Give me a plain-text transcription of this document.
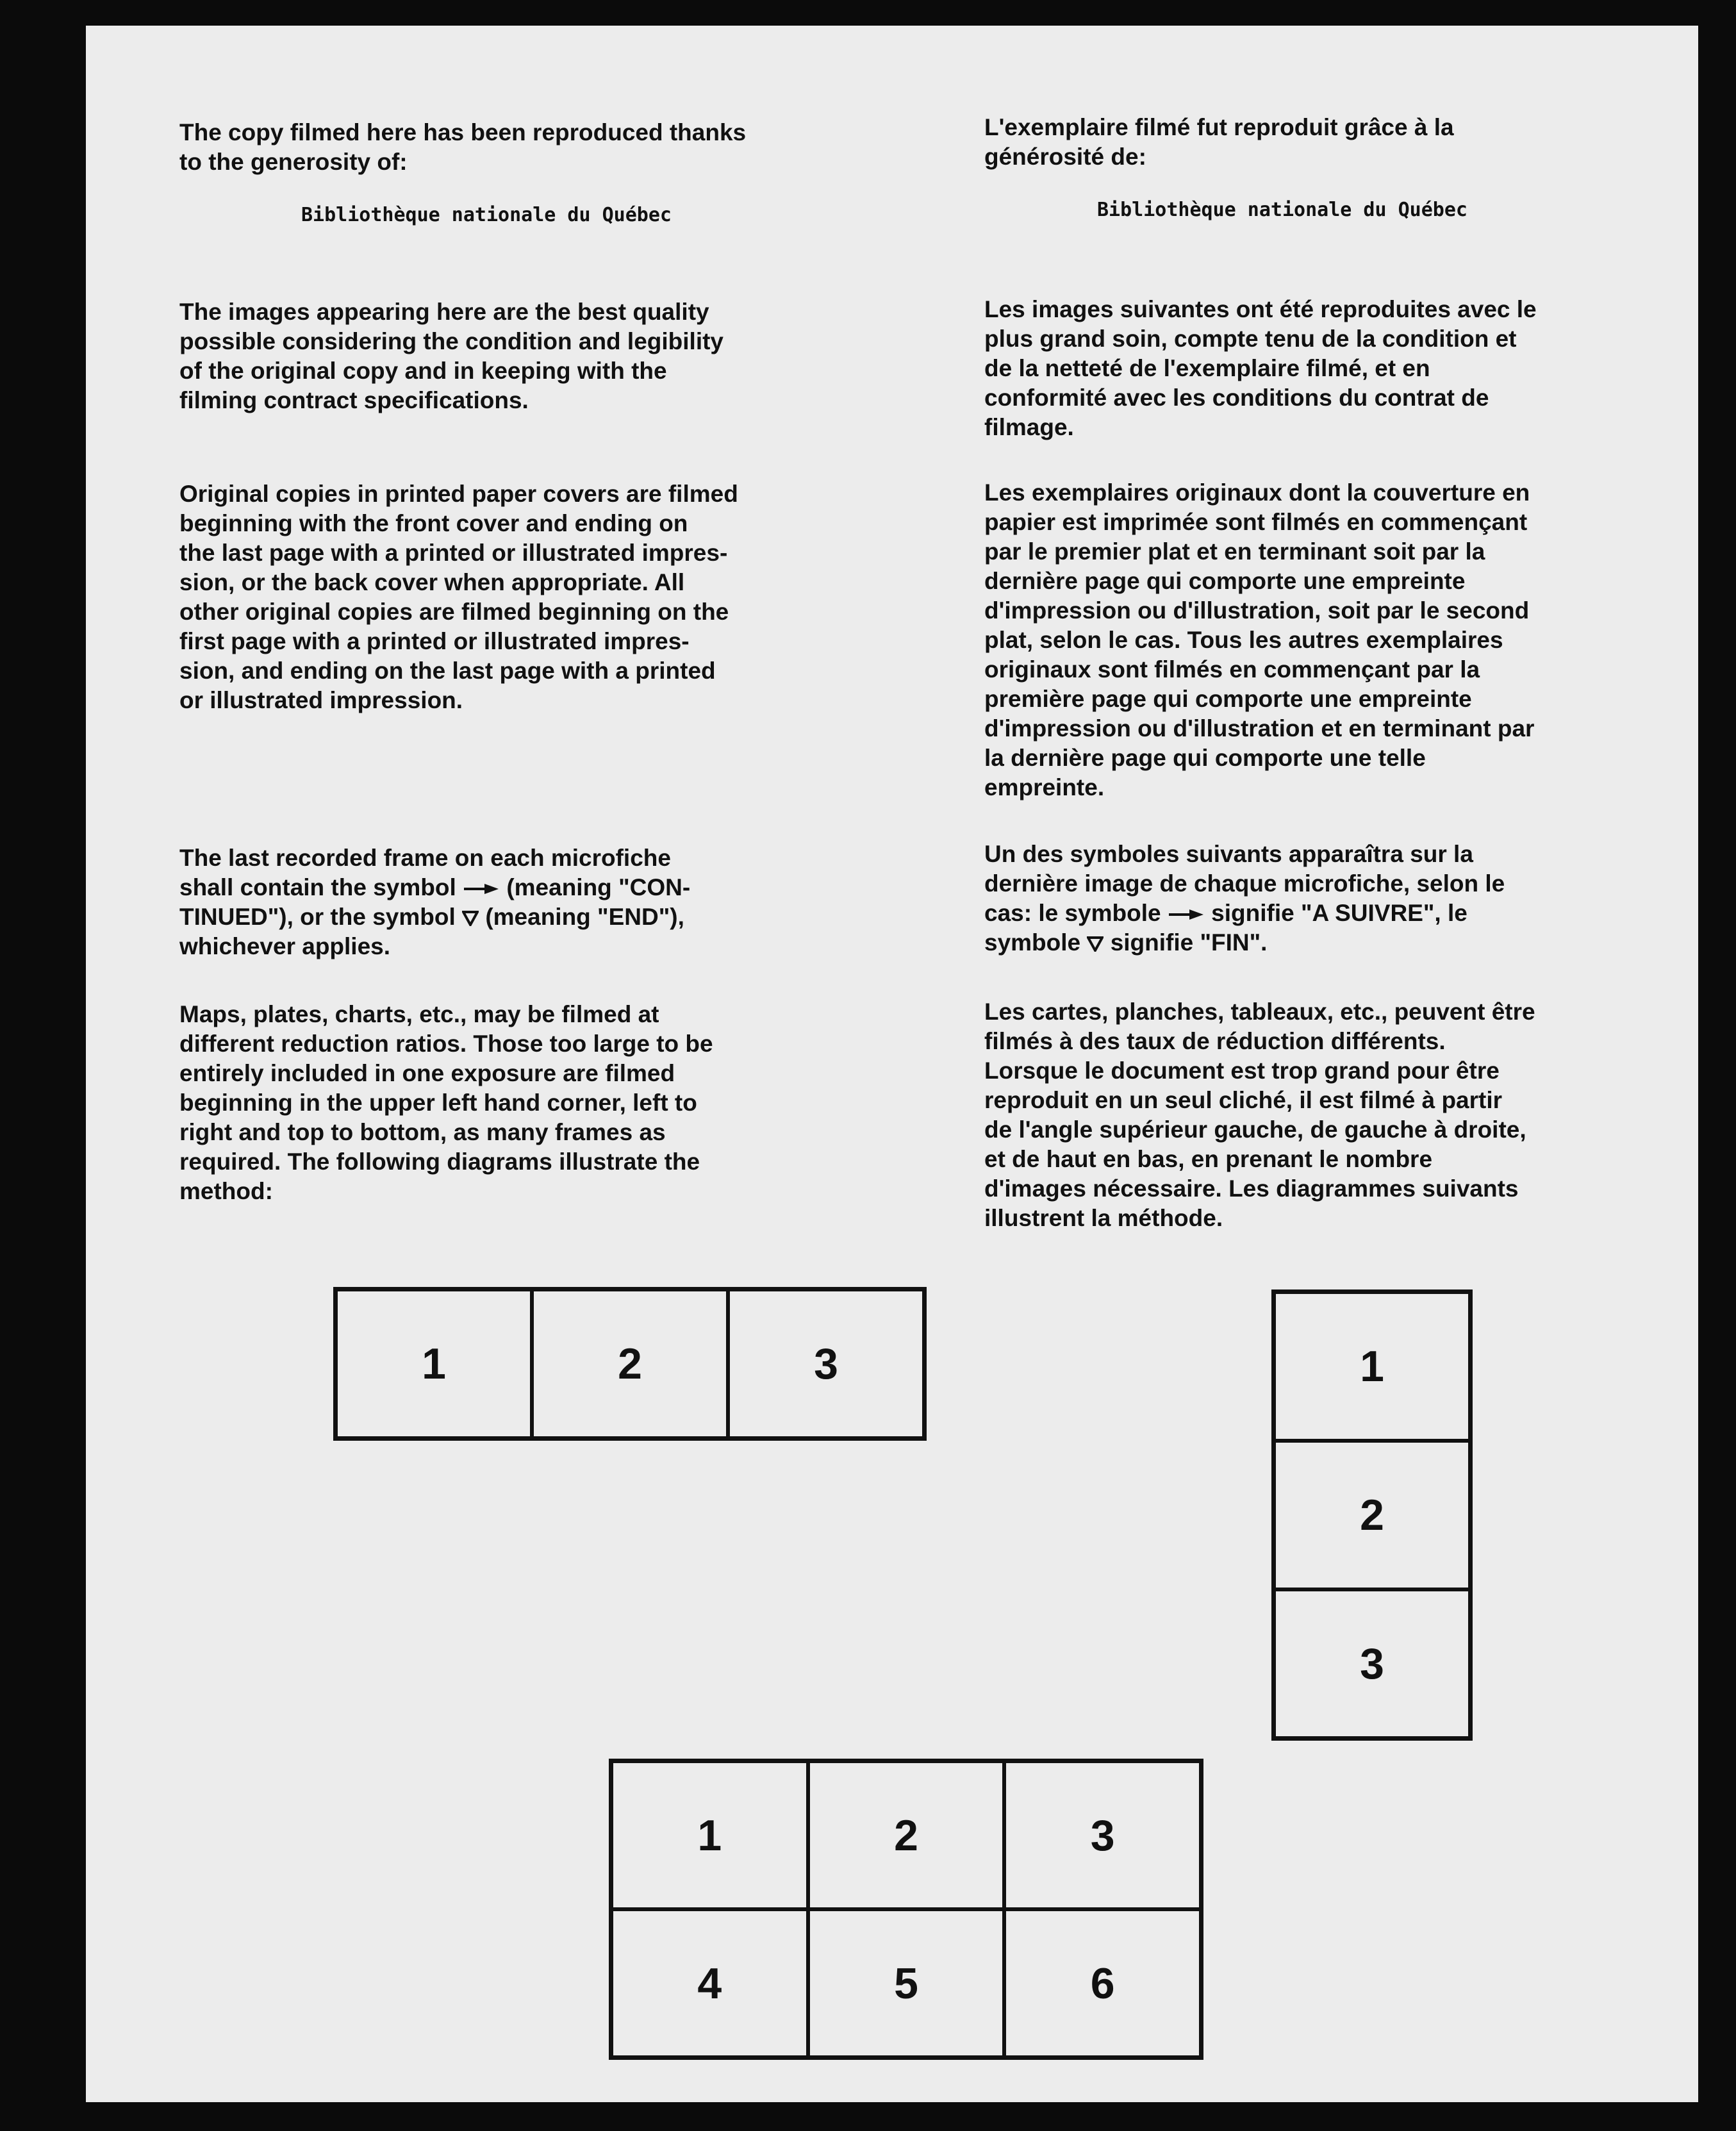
The copy filmed here has been reproduced thanks
to the generosity of:

Bibliothèque nationale du Québec

The images appearing here are the best quality
possible considering the condition and legibility
of the original copy and in keeping with the
filming contract specifications.

Original copies in printed paper covers are filmed
beginning with the front cover and ending on
the last page with a printed or illustrated impres-
sion, or the back cover when appropriate. All
other original copies are filmed beginning on the
first page with a printed or illustrated impres-
sion, and ending on the last page with a printed
or illustrated impression.

The last recorded frame on each microfiche
shall contain the symbol (meaning "CON-
TINUED"), or the symbol (meaning "END"),
whichever applies.

Maps, plates, charts, etc., may be filmed at
different reduction ratios. Those too large to be
entirely included in one exposure are filmed
beginning in the upper left hand corner, left to
right and top to bottom, as many frames as
required. The following diagrams illustrate the
method:

L'exemplaire filmé fut reproduit grâce à la
générosité de:

Bibliothèque nationale du Québec

Les images suivantes ont été reproduites avec le
plus grand soin, compte tenu de la condition et
de la netteté de l'exemplaire filmé, et en
conformité avec les conditions du contrat de
filmage.

Les exemplaires originaux dont la couverture en
papier est imprimée sont filmés en commençant
par le premier plat et en terminant soit par la
dernière page qui comporte une empreinte
d'impression ou d'illustration, soit par le second
plat, selon le cas. Tous les autres exemplaires
originaux sont filmés en commençant par la
première page qui comporte une empreinte
d'impression ou d'illustration et en terminant par
la dernière page qui comporte une telle
empreinte.

Un des symboles suivants apparaîtra sur la
dernière image de chaque microfiche, selon le
cas: le symbole signifie "A SUIVRE", le
symbole signifie "FIN".

Les cartes, planches, tableaux, etc., peuvent être
filmés à des taux de réduction différents.
Lorsque le document est trop grand pour être
reproduit en un seul cliché, il est filmé à partir
de l'angle supérieur gauche, de gauche à droite,
et de haut en bas, en prenant le nombre
d'images nécessaire. Les diagrammes suivants
illustrent la méthode.

1	2	3	1
2
3
1	2	3
4	5	6
